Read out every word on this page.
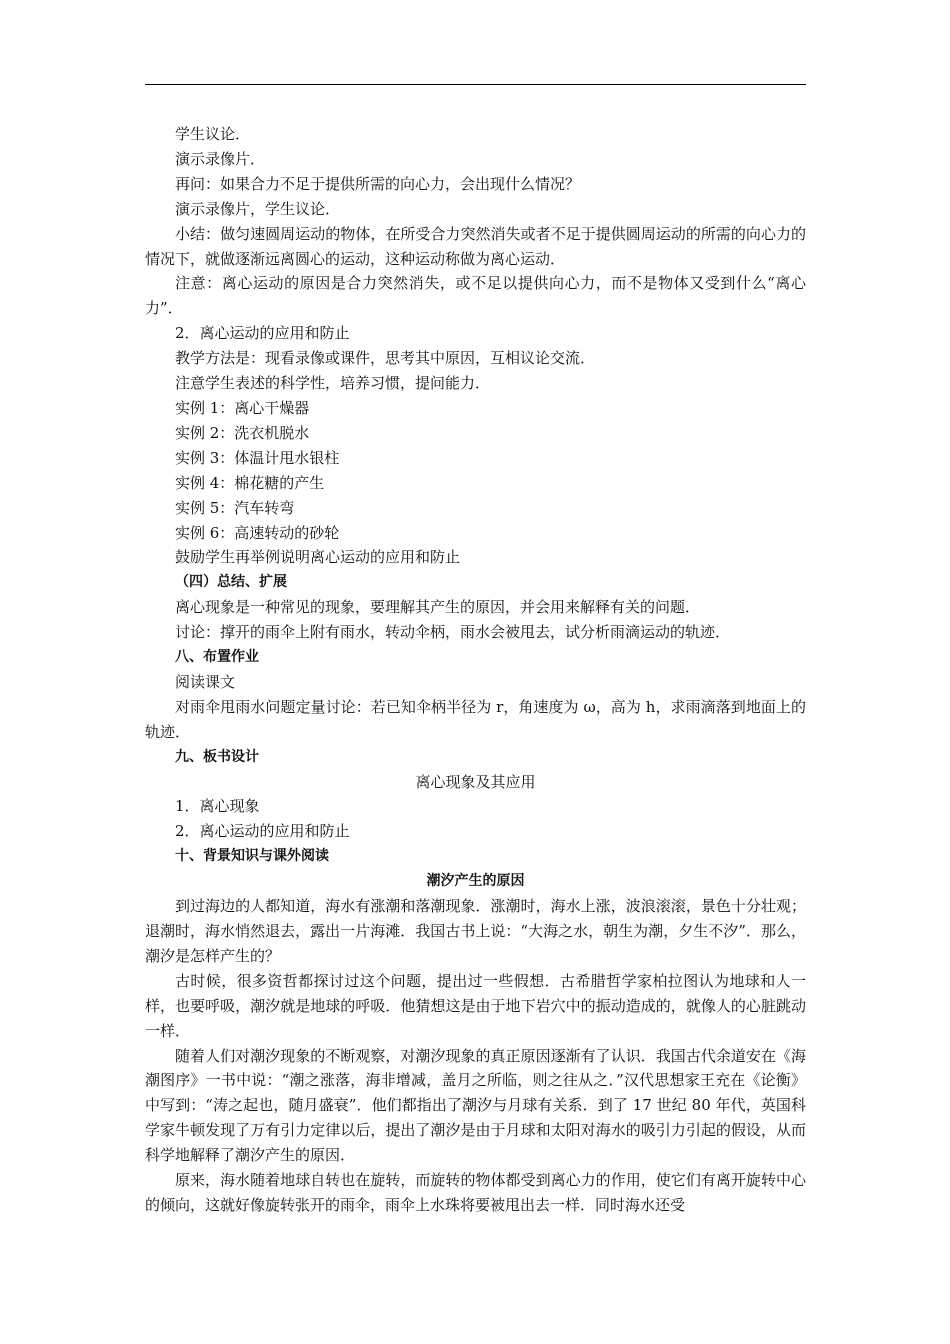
学生议论．

演示录像片．

再问：如果合力不足于提供所需的向心力，会出现什么情况？

演示录像片，学生议论．

小结：做匀速圆周运动的物体，在所受合力突然消失或者不足于提供圆周运动的所需的向心力的情况下，就做逐渐远离圆心的运动，这种运动称做为离心运动．

注意：离心运动的原因是合力突然消失，或不足以提供向心力，而不是物体又受到什么“离心力”．

2．离心运动的应用和防止

教学方法是：现看录像或课件，思考其中原因，互相议论交流．

注意学生表述的科学性，培养习惯，提问能力．

实例 1：离心干燥器

实例 2：洗衣机脱水

实例 3：体温计甩水银柱

实例 4：棉花糖的产生

实例 5：汽车转弯

实例 6：高速转动的砂轮

鼓励学生再举例说明离心运动的应用和防止

（四）总结、扩展

离心现象是一种常见的现象，要理解其产生的原因，并会用来解释有关的问题．

讨论：撑开的雨伞上附有雨水，转动伞柄，雨水会被甩去，试分析雨滴运动的轨迹．

八、布置作业

阅读课文

对雨伞甩雨水问题定量讨论：若已知伞柄半径为 r，角速度为 ω，高为 h，求雨滴落到地面上的轨迹．

九、板书设计

离心现象及其应用

1．离心现象

2．离心运动的应用和防止

十、背景知识与课外阅读

潮汐产生的原因

到过海边的人都知道，海水有涨潮和落潮现象．涨潮时，海水上涨，波浪滚滚，景色十分壮观；退潮时，海水悄然退去，露出一片海滩．我国古书上说：“大海之水，朝生为潮，夕生不汐”．那么，潮汐是怎样产生的？

古时候，很多资哲都探讨过这个问题，提出过一些假想．古希腊哲学家柏拉图认为地球和人一样，也要呼吸，潮汐就是地球的呼吸．他猜想这是由于地下岩穴中的振动造成的，就像人的心脏跳动一样．

随着人们对潮汐现象的不断观察，对潮汐现象的真正原因逐渐有了认识．我国古代余道安在《海潮图序》一书中说：“潮之涨落，海非增减，盖月之所临，则之往从之．”汉代思想家王充在《论衡》中写到：“涛之起也，随月盛衰”．他们都指出了潮汐与月球有关系．到了 17 世纪 80 年代，英国科学家牛顿发现了万有引力定律以后，提出了潮汐是由于月球和太阳对海水的吸引力引起的假设，从而科学地解释了潮汐产生的原因．

原来，海水随着地球自转也在旋转，而旋转的物体都受到离心力的作用，使它们有离开旋转中心的倾向，这就好像旋转张开的雨伞，雨伞上水珠将要被甩出去一样．同时海水还受
